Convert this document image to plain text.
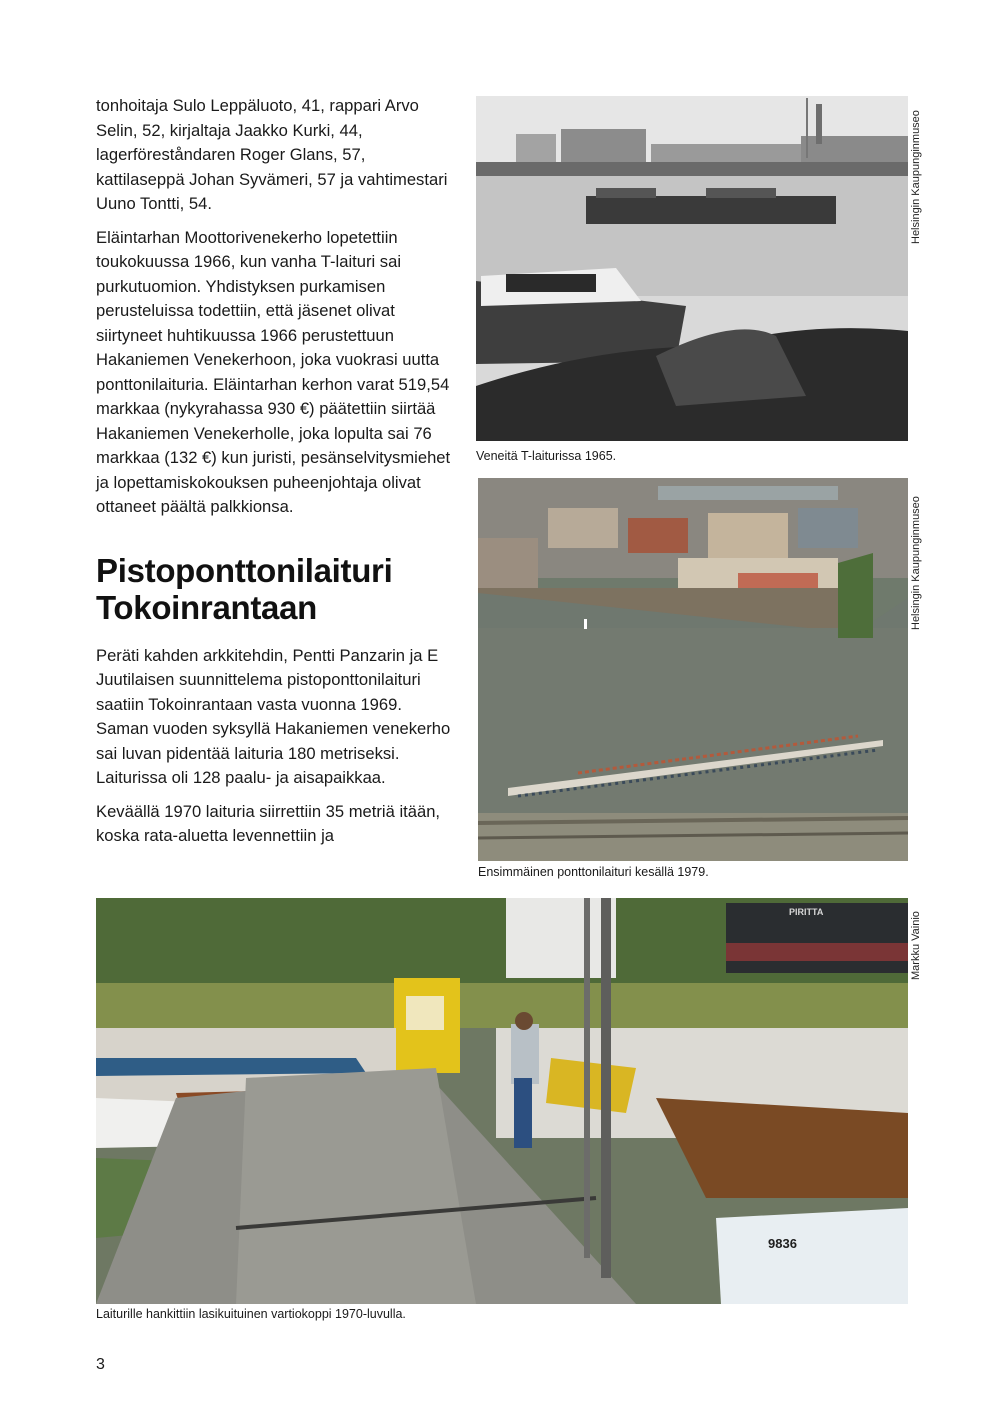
tonhoitaja Sulo Leppäluoto, 41, rappari Arvo Selin, 52, kirjaltaja Jaakko Kurki, 44, lagerföreståndaren Roger Glans, 57, kattilaseppä Johan Syvämeri, 57 ja vahtimestari Uuno Tontti, 54.

Eläintarhan Moottorivenekerho lopetettiin toukokuussa 1966, kun vanha T-laituri sai purkutuomion. Yhdistyksen purkamisen perusteluissa todettiin, että jäsenet olivat siirtyneet huhtikuussa 1966 perustettuun Hakaniemen Venekerhoon, joka vuokrasi uutta ponttonilaituria. Eläintarhan kerhon varat 519,54 markkaa (nykyrahassa 930 €) päätettiin siirtää Hakaniemen Venekerholle, joka lopulta sai 76 markkaa (132 €) kun juristi, pesänselvitysmiehet ja lopettamiskokouksen puheenjohtaja olivat ottaneet päältä palkkionsa.

Pistoponttonilaituri Tokoinrantaan

Peräti kahden arkkitehdin, Pentti Panzarin ja E Juutilaisen suunnittelema pistoponttonilaituri saatiin Tokoinrantaan vasta vuonna 1969. Saman vuoden syksyllä Hakaniemen venekerho sai luvan pidentää laituria 180 metriseksi. Laiturissa oli 128 paalu- ja aisapaikkaa.

Keväällä 1970 laituria siirrettiin 35 metriä itään, koska rata-aluetta levennettiin ja

Helsingin Kaupunginmuseo
Veneitä T-laiturissa 1965.
Helsingin Kaupunginmuseo
Ensimmäinen ponttonilaituri kesällä 1979.
PIRITTA
9836
Markku Vainio
Laiturille hankittiin lasikuituinen vartiokoppi 1970-luvulla.
3
